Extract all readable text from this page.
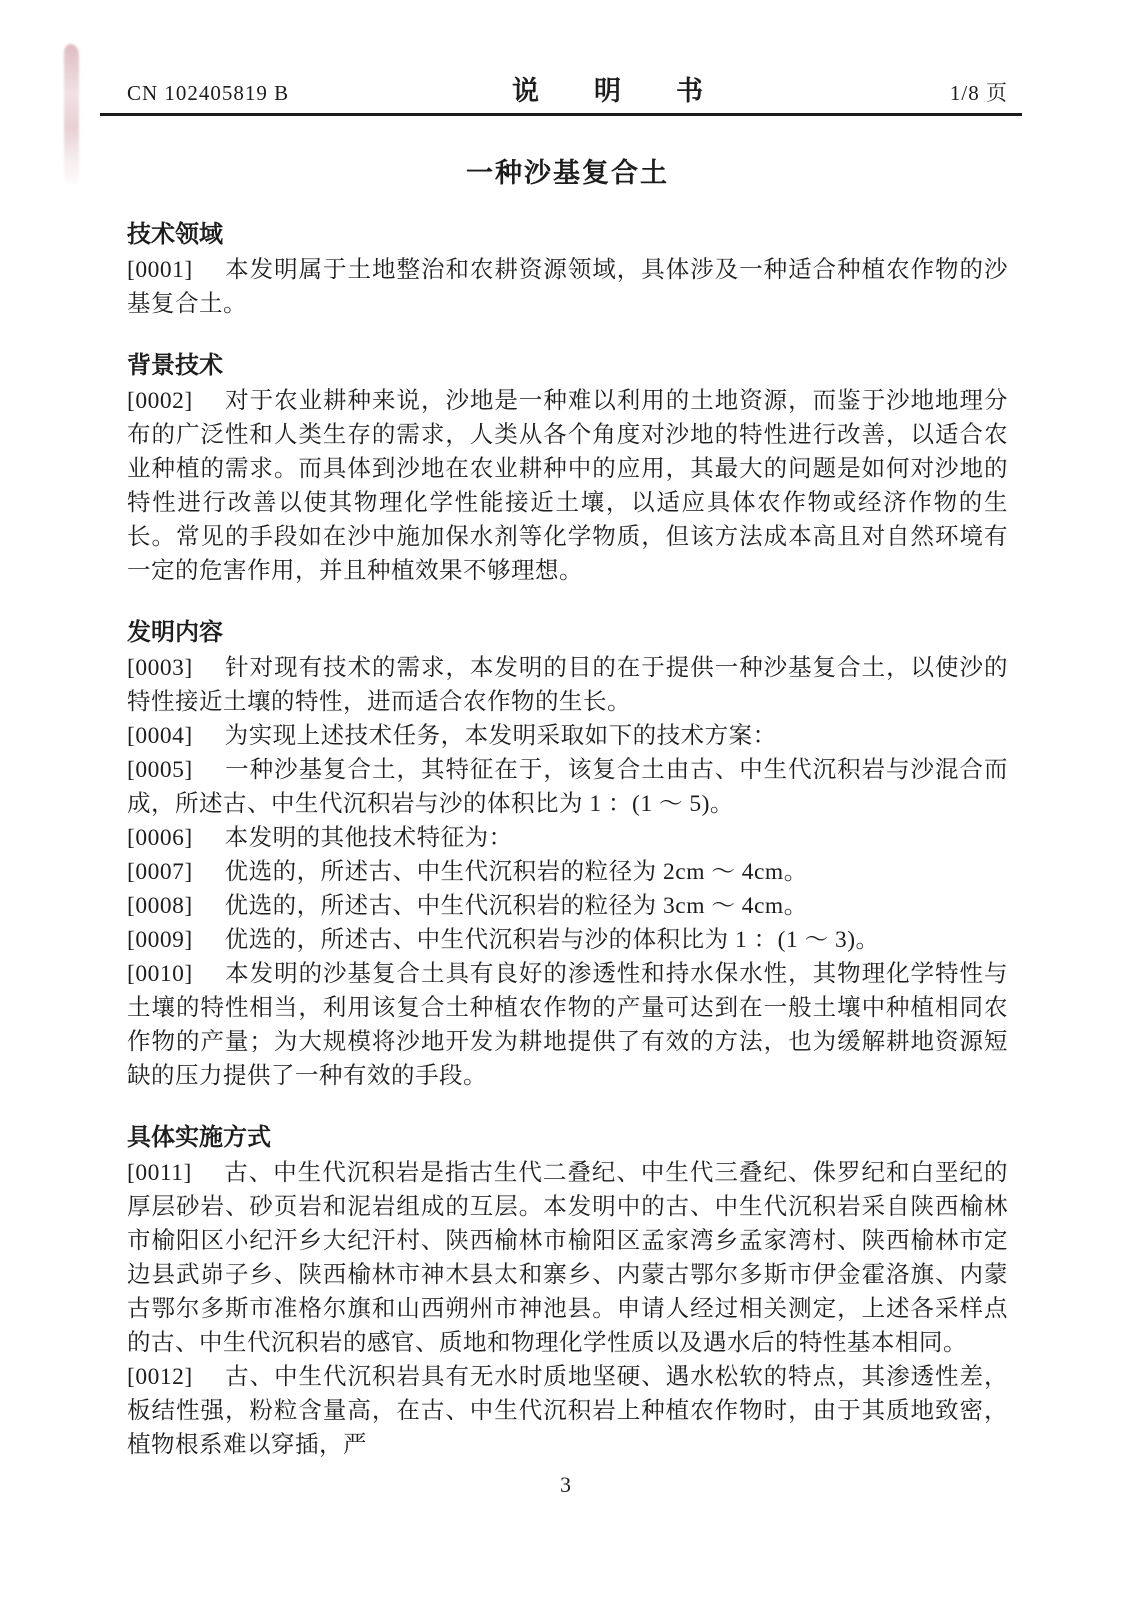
CN 102405819 B	说　明　书	1/8 页
一种沙基复合土
技术领域

[0001] 本发明属于土地整治和农耕资源领域，具体涉及一种适合种植农作物的沙基复合土。

背景技术

[0002] 对于农业耕种来说，沙地是一种难以利用的土地资源，而鉴于沙地地理分布的广泛性和人类生存的需求，人类从各个角度对沙地的特性进行改善，以适合农业种植的需求。而具体到沙地在农业耕种中的应用，其最大的问题是如何对沙地的特性进行改善以使其物理化学性能接近土壤，以适应具体农作物或经济作物的生长。常见的手段如在沙中施加保水剂等化学物质，但该方法成本高且对自然环境有一定的危害作用，并且种植效果不够理想。

发明内容

[0003] 针对现有技术的需求，本发明的目的在于提供一种沙基复合土，以使沙的特性接近土壤的特性，进而适合农作物的生长。

[0004] 为实现上述技术任务，本发明采取如下的技术方案：

[0005] 一种沙基复合土，其特征在于，该复合土由古、中生代沉积岩与沙混合而成，所述古、中生代沉积岩与沙的体积比为 1 ：(1 ～ 5)。

[0006] 本发明的其他技术特征为：

[0007] 优选的，所述古、中生代沉积岩的粒径为 2cm ～ 4cm。

[0008] 优选的，所述古、中生代沉积岩的粒径为 3cm ～ 4cm。

[0009] 优选的，所述古、中生代沉积岩与沙的体积比为 1 ：(1 ～ 3)。

[0010] 本发明的沙基复合土具有良好的渗透性和持水保水性，其物理化学特性与土壤的特性相当，利用该复合土种植农作物的产量可达到在一般土壤中种植相同农作物的产量；为大规模将沙地开发为耕地提供了有效的方法，也为缓解耕地资源短缺的压力提供了一种有效的手段。

具体实施方式

[0011] 古、中生代沉积岩是指古生代二叠纪、中生代三叠纪、侏罗纪和白垩纪的厚层砂岩、砂页岩和泥岩组成的互层。本发明中的古、中生代沉积岩采自陕西榆林市榆阳区小纪汗乡大纪汗村、陕西榆林市榆阳区孟家湾乡孟家湾村、陕西榆林市定边县武峁子乡、陕西榆林市神木县太和寨乡、内蒙古鄂尔多斯市伊金霍洛旗、内蒙古鄂尔多斯市准格尔旗和山西朔州市神池县。申请人经过相关测定，上述各采样点的古、中生代沉积岩的感官、质地和物理化学性质以及遇水后的特性基本相同。

[0012] 古、中生代沉积岩具有无水时质地坚硬、遇水松软的特点，其渗透性差，板结性强，粉粒含量高，在古、中生代沉积岩上种植农作物时，由于其质地致密，植物根系难以穿插，严

3
